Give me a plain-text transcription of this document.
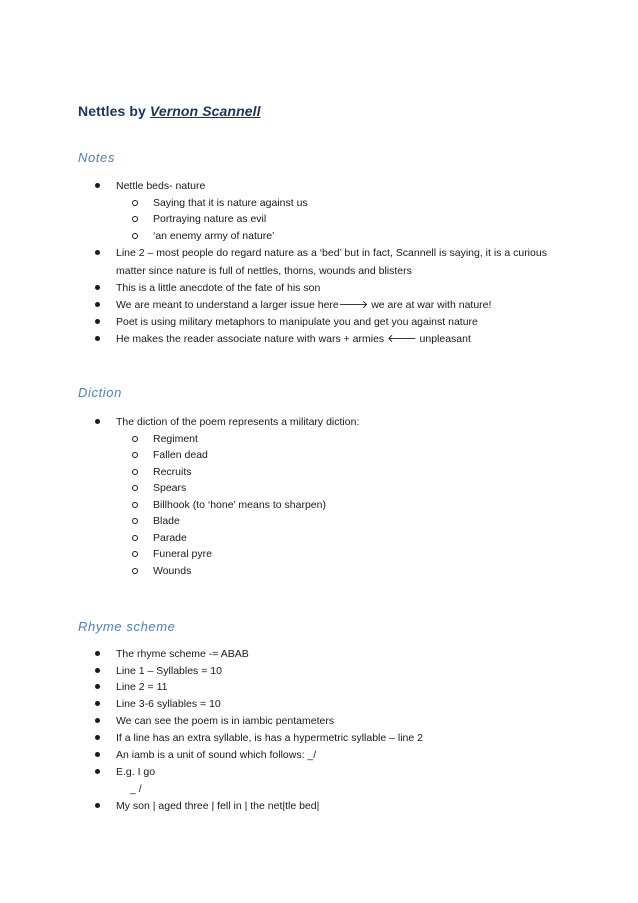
Nettles by Vernon Scannell
Notes
Nettle beds- nature
Saying that it is nature against us
Portraying nature as evil
‘an enemy army of nature’
Line 2 – most people do regard nature as a ‘bed’ but in fact, Scannell is saying, it is a curious
matter since nature is full of nettles, thorns, wounds and blisters
This is a little anecdote of the fate of his son
We are meant to understand a larger issue here🡒 we are at war with nature!
Poet is using military metaphors to manipulate you and get you against nature
He makes the reader associate nature with wars + armies 🡐 unpleasant
Diction
The diction of the poem represents a military diction:
Regiment
Fallen dead
Recruits
Spears
Billhook (to ‘hone’ means to sharpen)
Blade
Parade
Funeral pyre
Wounds
Rhyme scheme
The rhyme scheme -= ABAB
Line 1 – Syllables = 10
Line 2 = 11
Line 3-6 syllables = 10
We can see the poem is in iambic pentameters
If a line has an extra syllable, is has a hypermetric syllable – line 2
An iamb is a unit of sound which follows: _/
E.g. I go
_ /
My son | aged three | fell in | the net|tle bed|
